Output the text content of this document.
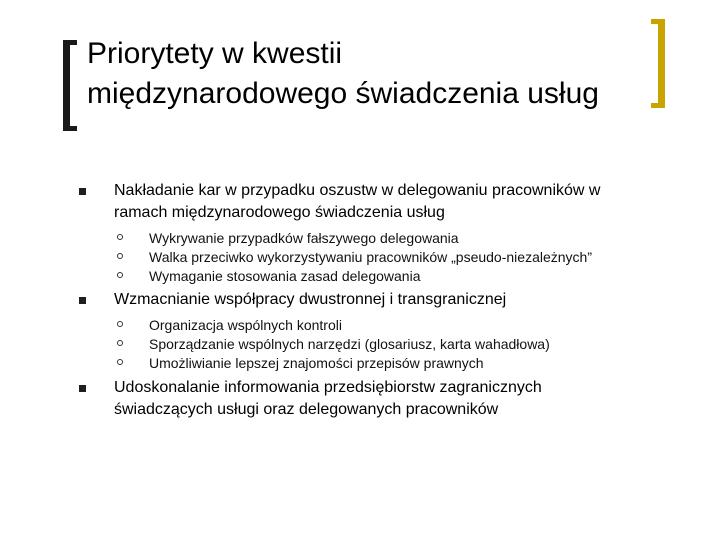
Priorytety w kwestii
międzynarodowego świadczenia usług
Nakładanie kar w przypadku oszustw w delegowaniu pracowników w ramach międzynarodowego świadczenia usług
Wykrywanie przypadków fałszywego delegowania
Walka przeciwko wykorzystywaniu pracowników „pseudo-niezależnych”
Wymaganie stosowania zasad delegowania
Wzmacnianie współpracy dwustronnej i transgranicznej
Organizacja wspólnych kontroli
Sporządzanie wspólnych narzędzi (glosariusz, karta wahadłowa)
Umożliwianie lepszej znajomości przepisów prawnych
Udoskonalanie informowania przedsiębiorstw zagranicznych świadczących usługi oraz delegowanych pracowników
